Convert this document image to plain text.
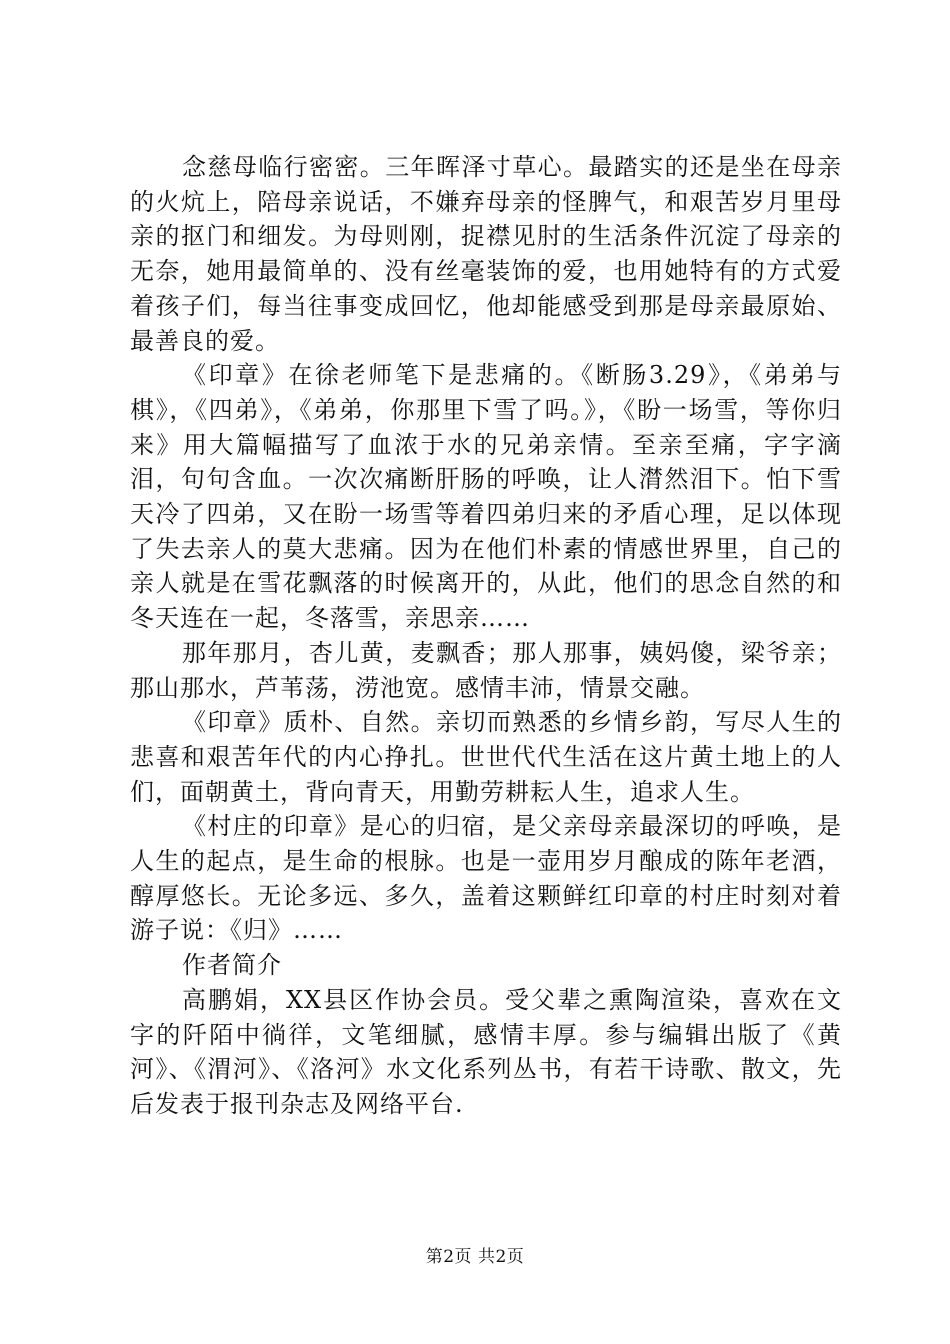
念慈母临行密密。三年晖泽寸草心。最踏实的还是坐在母亲的火炕上，陪母亲说话，不嫌弃母亲的怪脾气，和艰苦岁月里母亲的抠门和细发。为母则刚，捉襟见肘的生活条件沉淀了母亲的无奈，她用最简单的、没有丝毫装饰的爱，也用她特有的方式爱着孩子们，每当往事变成回忆，他却能感受到那是母亲最原始、最善良的爱。

《印章》在徐老师笔下是悲痛的。《断肠3.29》，《弟弟与棋》，《四弟》，《弟弟，你那里下雪了吗。》，《盼一场雪，等你归来》用大篇幅描写了血浓于水的兄弟亲情。至亲至痛，字字滴泪，句句含血。一次次痛断肝肠的呼唤，让人潸然泪下。怕下雪天冷了四弟，又在盼一场雪等着四弟归来的矛盾心理，足以体现了失去亲人的莫大悲痛。因为在他们朴素的情感世界里，自己的亲人就是在雪花飘落的时候离开的，从此，他们的思念自然的和冬天连在一起，冬落雪，亲思亲……

那年那月，杏儿黄，麦飘香；那人那事，姨妈傻，梁爷亲；那山那水，芦苇荡，涝池宽。感情丰沛，情景交融。

《印章》质朴、自然。亲切而熟悉的乡情乡韵，写尽人生的悲喜和艰苦年代的内心挣扎。世世代代生活在这片黄土地上的人们，面朝黄土，背向青天，用勤劳耕耘人生，追求人生。

《村庄的印章》是心的归宿，是父亲母亲最深切的呼唤，是人生的起点，是生命的根脉。也是一壶用岁月酿成的陈年老酒，醇厚悠长。无论多远、多久，盖着这颗鲜红印章的村庄时刻对着游子说：《归》……

作者简介

高鹏娟，XX县区作协会员。受父辈之熏陶渲染，喜欢在文字的阡陌中徜徉，文笔细腻，感情丰厚。参与编辑出版了《黄河》、《渭河》、《洛河》水文化系列丛书，有若干诗歌、散文，先后发表于报刊杂志及网络平台.

第2页 共2页
